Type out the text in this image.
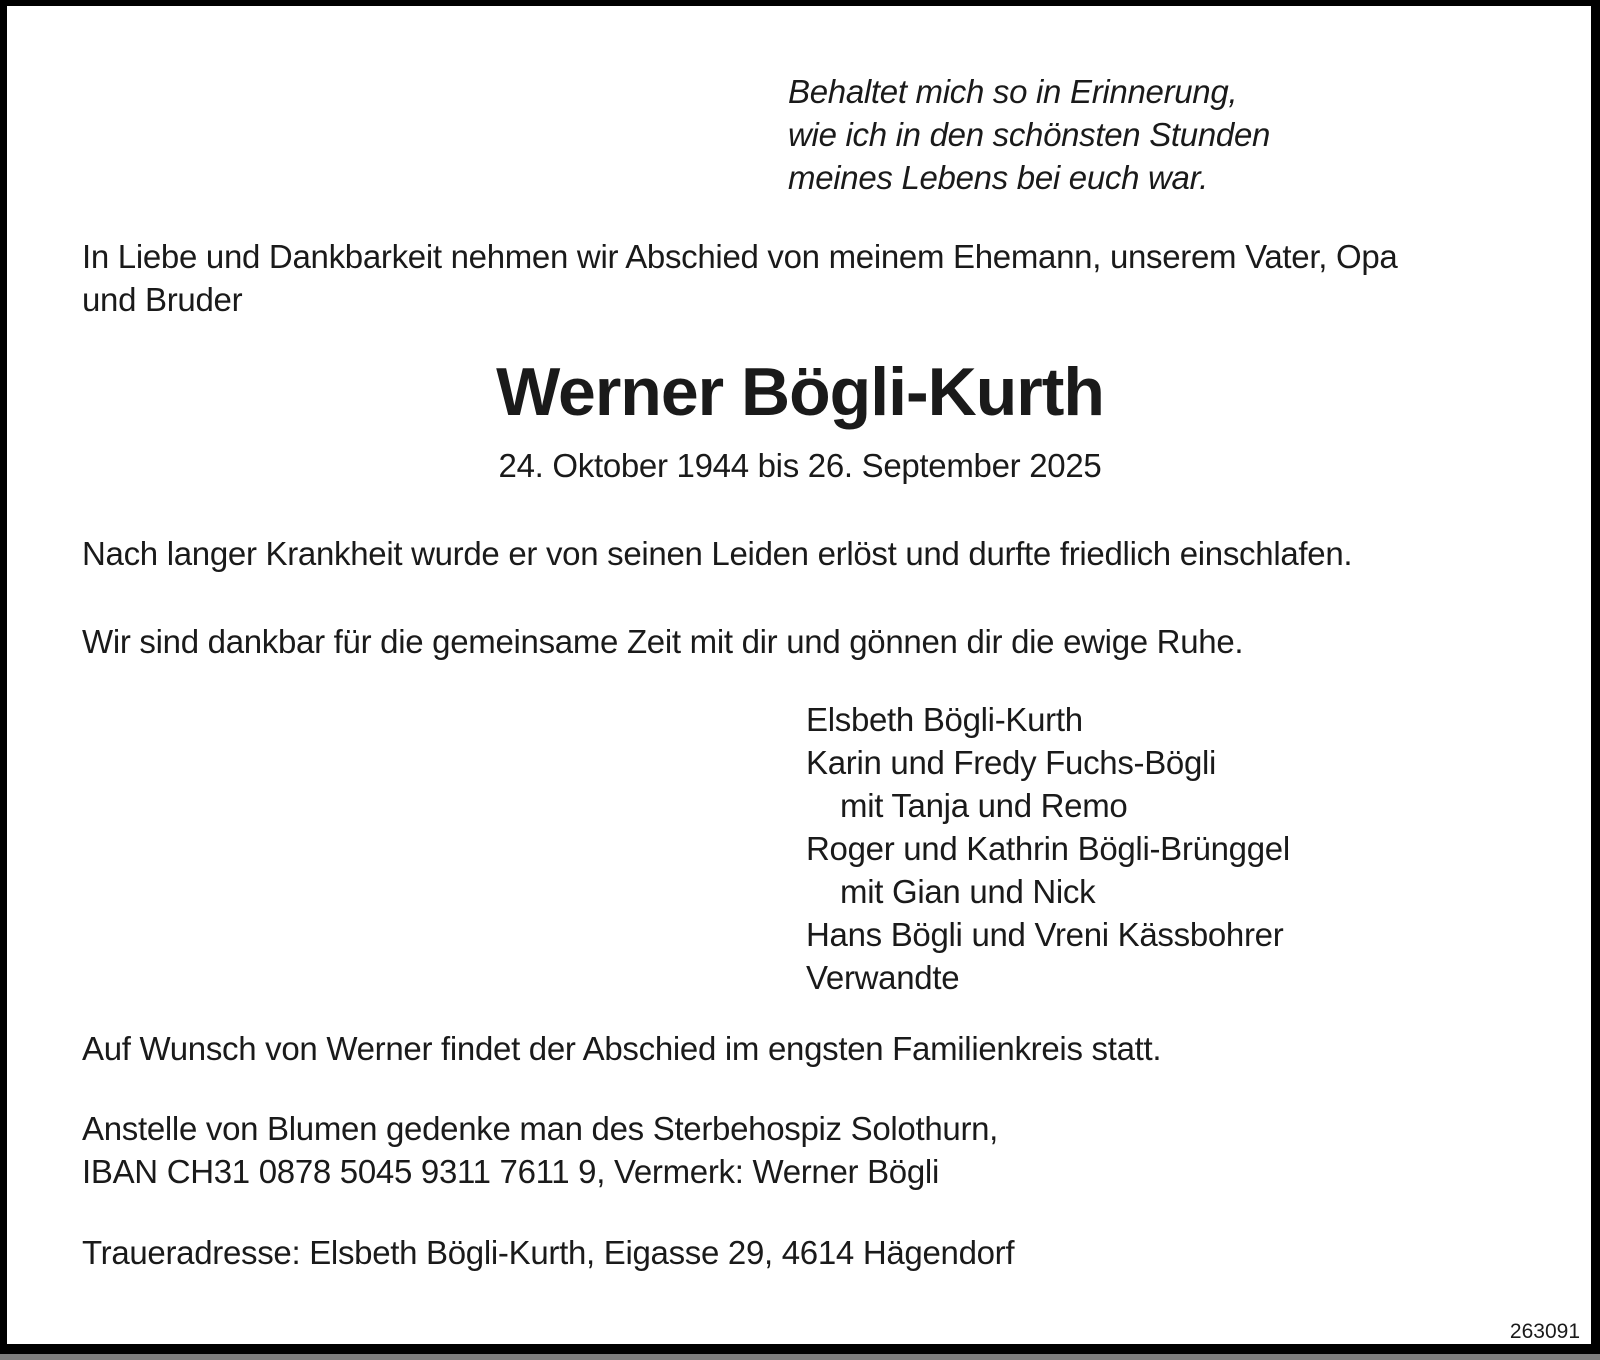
Behaltet mich so in Erinnerung,
wie ich in den schönsten Stunden
meines Lebens bei euch war.
In Liebe und Dankbarkeit nehmen wir Abschied von meinem Ehemann, unserem Vater, Opa
und Bruder
Werner Bögli-Kurth
24. Oktober 1944 bis 26. September 2025
Nach langer Krankheit wurde er von seinen Leiden erlöst und durfte friedlich einschlafen.
Wir sind dankbar für die gemeinsame Zeit mit dir und gönnen dir die ewige Ruhe.
Elsbeth Bögli-Kurth
Karin und Fredy Fuchs-Bögli
mit Tanja und Remo
Roger und Kathrin Bögli-Brünggel
mit Gian und Nick
Hans Bögli und Vreni Kässbohrer
Verwandte
Auf Wunsch von Werner findet der Abschied im engsten Familienkreis statt.
Anstelle von Blumen gedenke man des Sterbehospiz Solothurn,
IBAN CH31 0878 5045 9311 7611 9, Vermerk: Werner Bögli
Traueradresse: Elsbeth Bögli-Kurth, Eigasse 29, 4614 Hägendorf
263091
